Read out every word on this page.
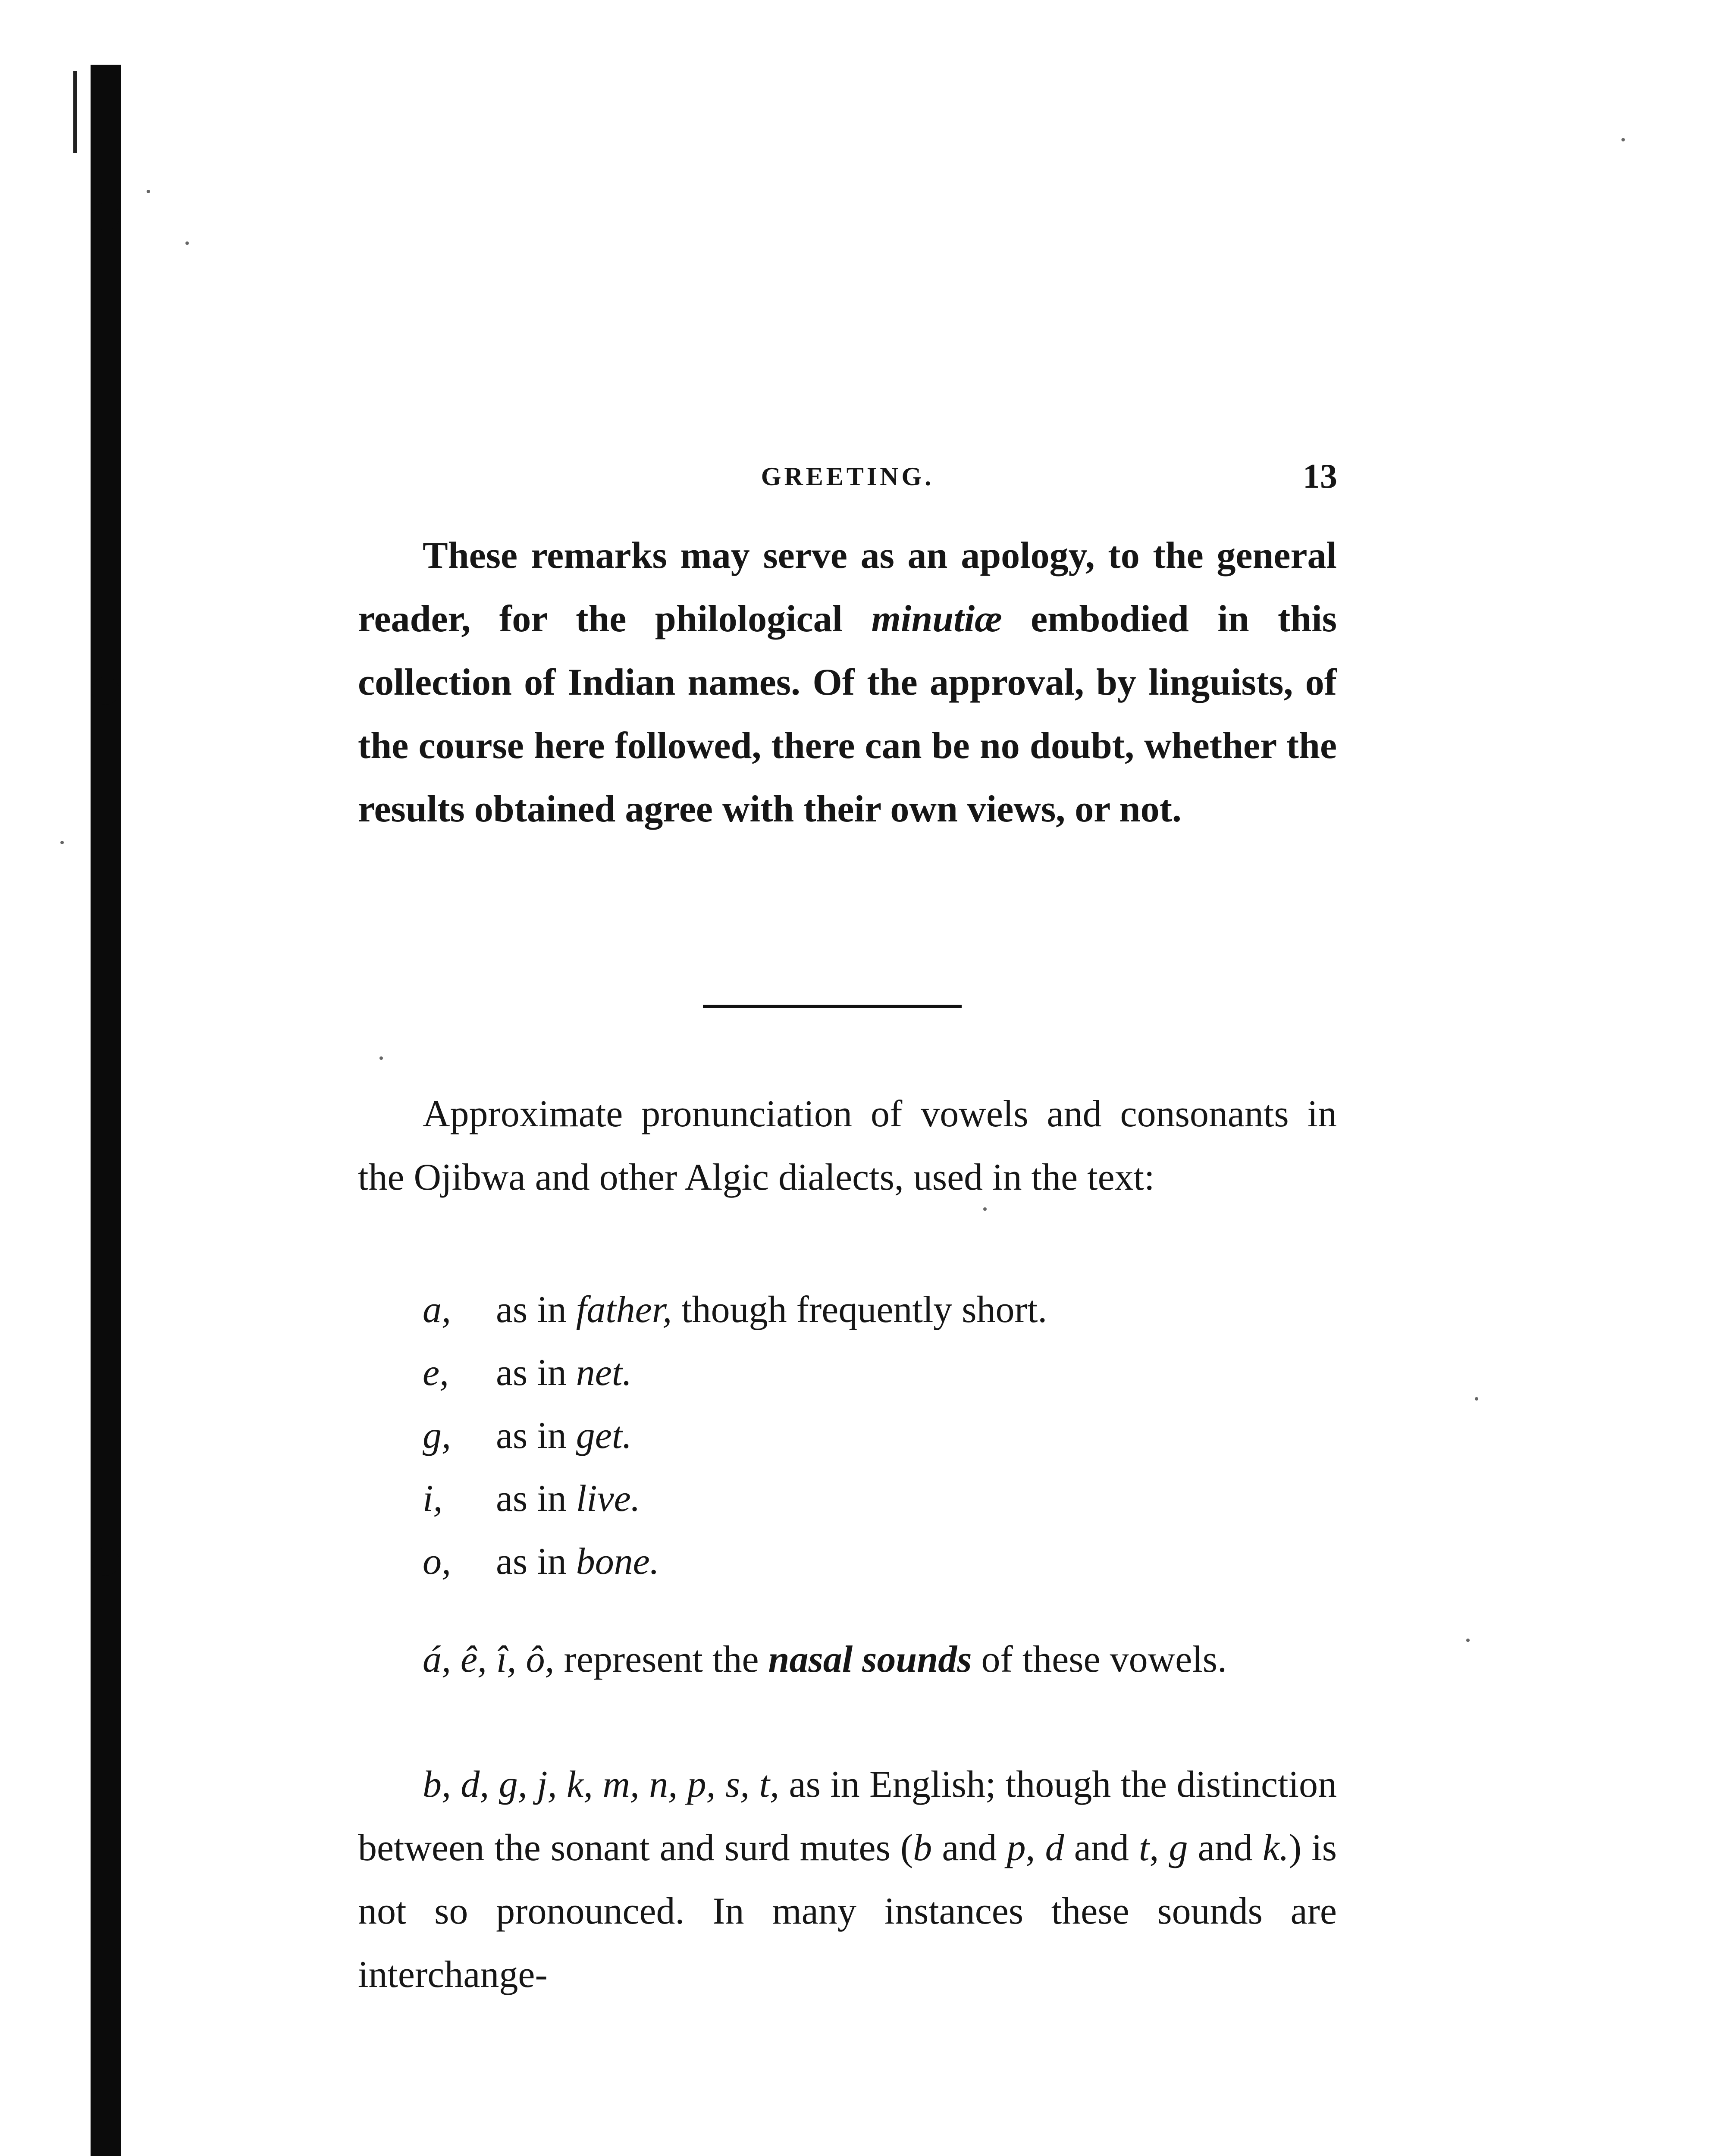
GREETING.	13

These remarks may serve as an apology, to the general reader, for the philological minutiæ embodied in this collection of Indian names. Of the approval, by linguists, of the course here followed, there can be no doubt, whether the results obtained agree with their own views, or not.

Approximate pronunciation of vowels and consonants in the Ojibwa and other Algic dialects, used in the text:

a, as in father, though frequently short.
e, as in net.
g, as in get.
i, as in live.
o, as in bone.

á, ê, î, ô, represent the nasal sounds of these vowels.

b, d, g, j, k, m, n, p, s, t, as in English; though the distinction between the sonant and surd mutes (b and p, d and t, g and k.) is not so pronounced. In many instances these sounds are interchange-
